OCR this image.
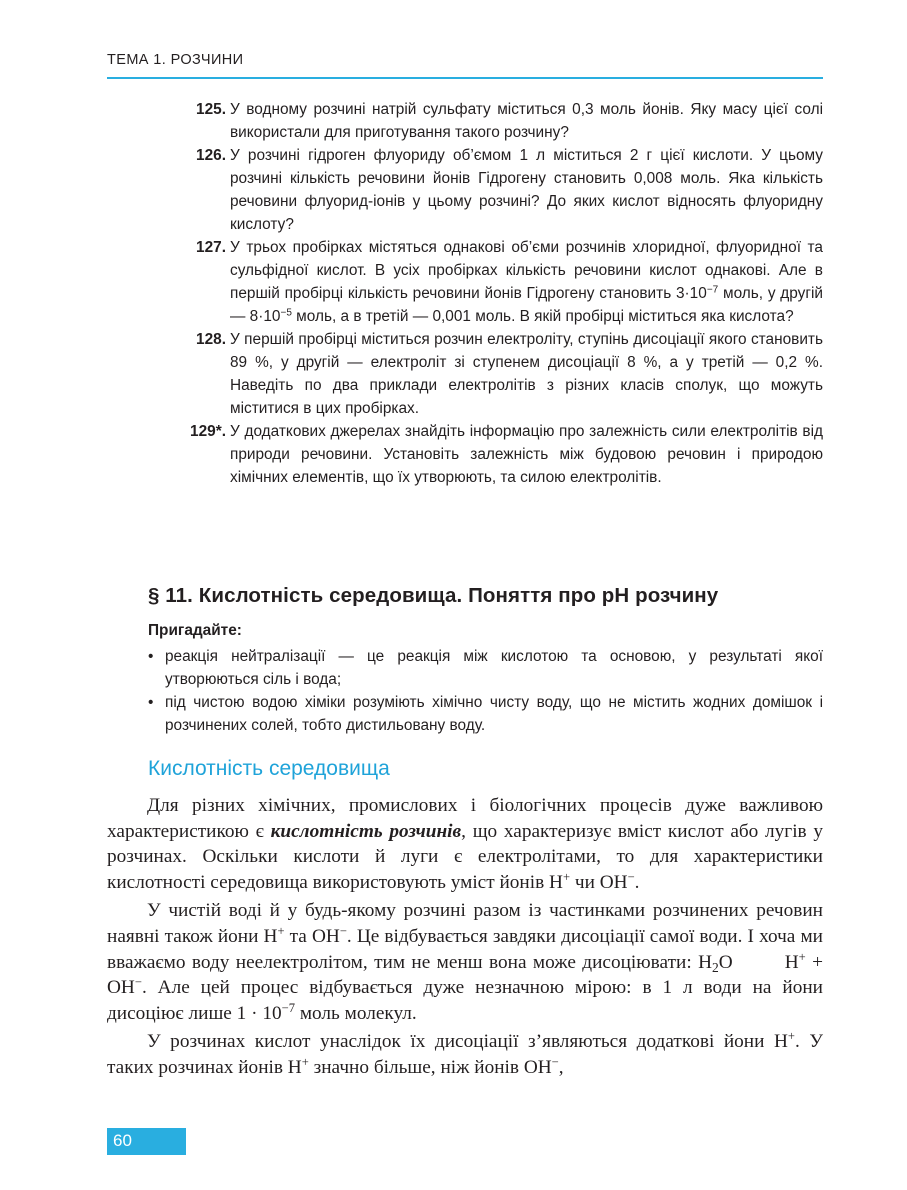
ТЕМА 1. РОЗЧИНИ
125. У водному розчині натрій сульфату міститься 0,3 моль йонів. Яку масу цієї солі використали для приготування такого розчину?
126. У розчині гідроген флуориду об’ємом 1 л міститься 2 г цієї кислоти. У цьому розчині кількість речовини йонів Гідрогену становить 0,008 моль. Яка кількість речовини флуорид-іонів у цьому розчині? До яких кислот відносять флуоридну кислоту?
127. У трьох пробірках містяться однакові об’єми розчинів хлоридної, флуоридної та сульфідної кислот. В усіх пробірках кількість речовини кислот однакові. Але в першій пробірці кількість речовини йонів Гідрогену становить $3\cdot 10^{-7}$ моль, у другій — $8\cdot 10^{-5}$ моль, а в третій — 0,001 моль. В якій пробірці міститься яка кислота?
128. У першій пробірці міститься розчин електроліту, ступінь дисоціації якого становить 89 %, у другій — електроліт зі ступенем дисоціації 8 %, а у третій — 0,2 %. Наведіть по два приклади електролітів з різних класів сполук, що можуть міститися в цих пробірках.
129*. У додаткових джерелах знайдіть інформацію про залежність сили електролітів від природи речовини. Установіть залежність між будовою речовин і природою хімічних елементів, що їх утворюють, та силою електролітів.
§ 11. Кислотність середовища. Поняття про рН розчину
Пригадайте:
• реакція нейтралізації — це реакція між кислотою та основою, у результаті якої утворюються сіль і вода;
• під чистою водою хіміки розуміють хімічно чисту воду, що не містить жодних домішок і розчинених солей, тобто дистильовану воду.
Кислотність середовища

Для різних хімічних, промислових і біологічних процесів дуже важливою характеристикою є кислотність розчинів, що характеризує вміст кислот або лугів у розчинах. Оскільки кислоти й луги є електролітами, то для характеристики кислотності середовища використовують уміст йонів H+ чи OH−.

У чистій воді й у будь-якому розчині разом із частинками розчинених речовин наявні також йони H+ та OH−. Це відбувається завдяки дисоціації самої води. І хоча ми вважаємо воду неелектролітом, тим не менш вона може дисоціювати: $H_2O$	H+ + OH−. Але цей процес відбувається дуже незначною мірою: в 1 л води на йони дисоціює лише $1 \cdot 10^{-7}$ моль молекул.

У розчинах кислот унаслідок їх дисоціації з’являються додаткові йони H+. У таких розчинах йонів H+ значно більше, ніж йонів OH−,

60
